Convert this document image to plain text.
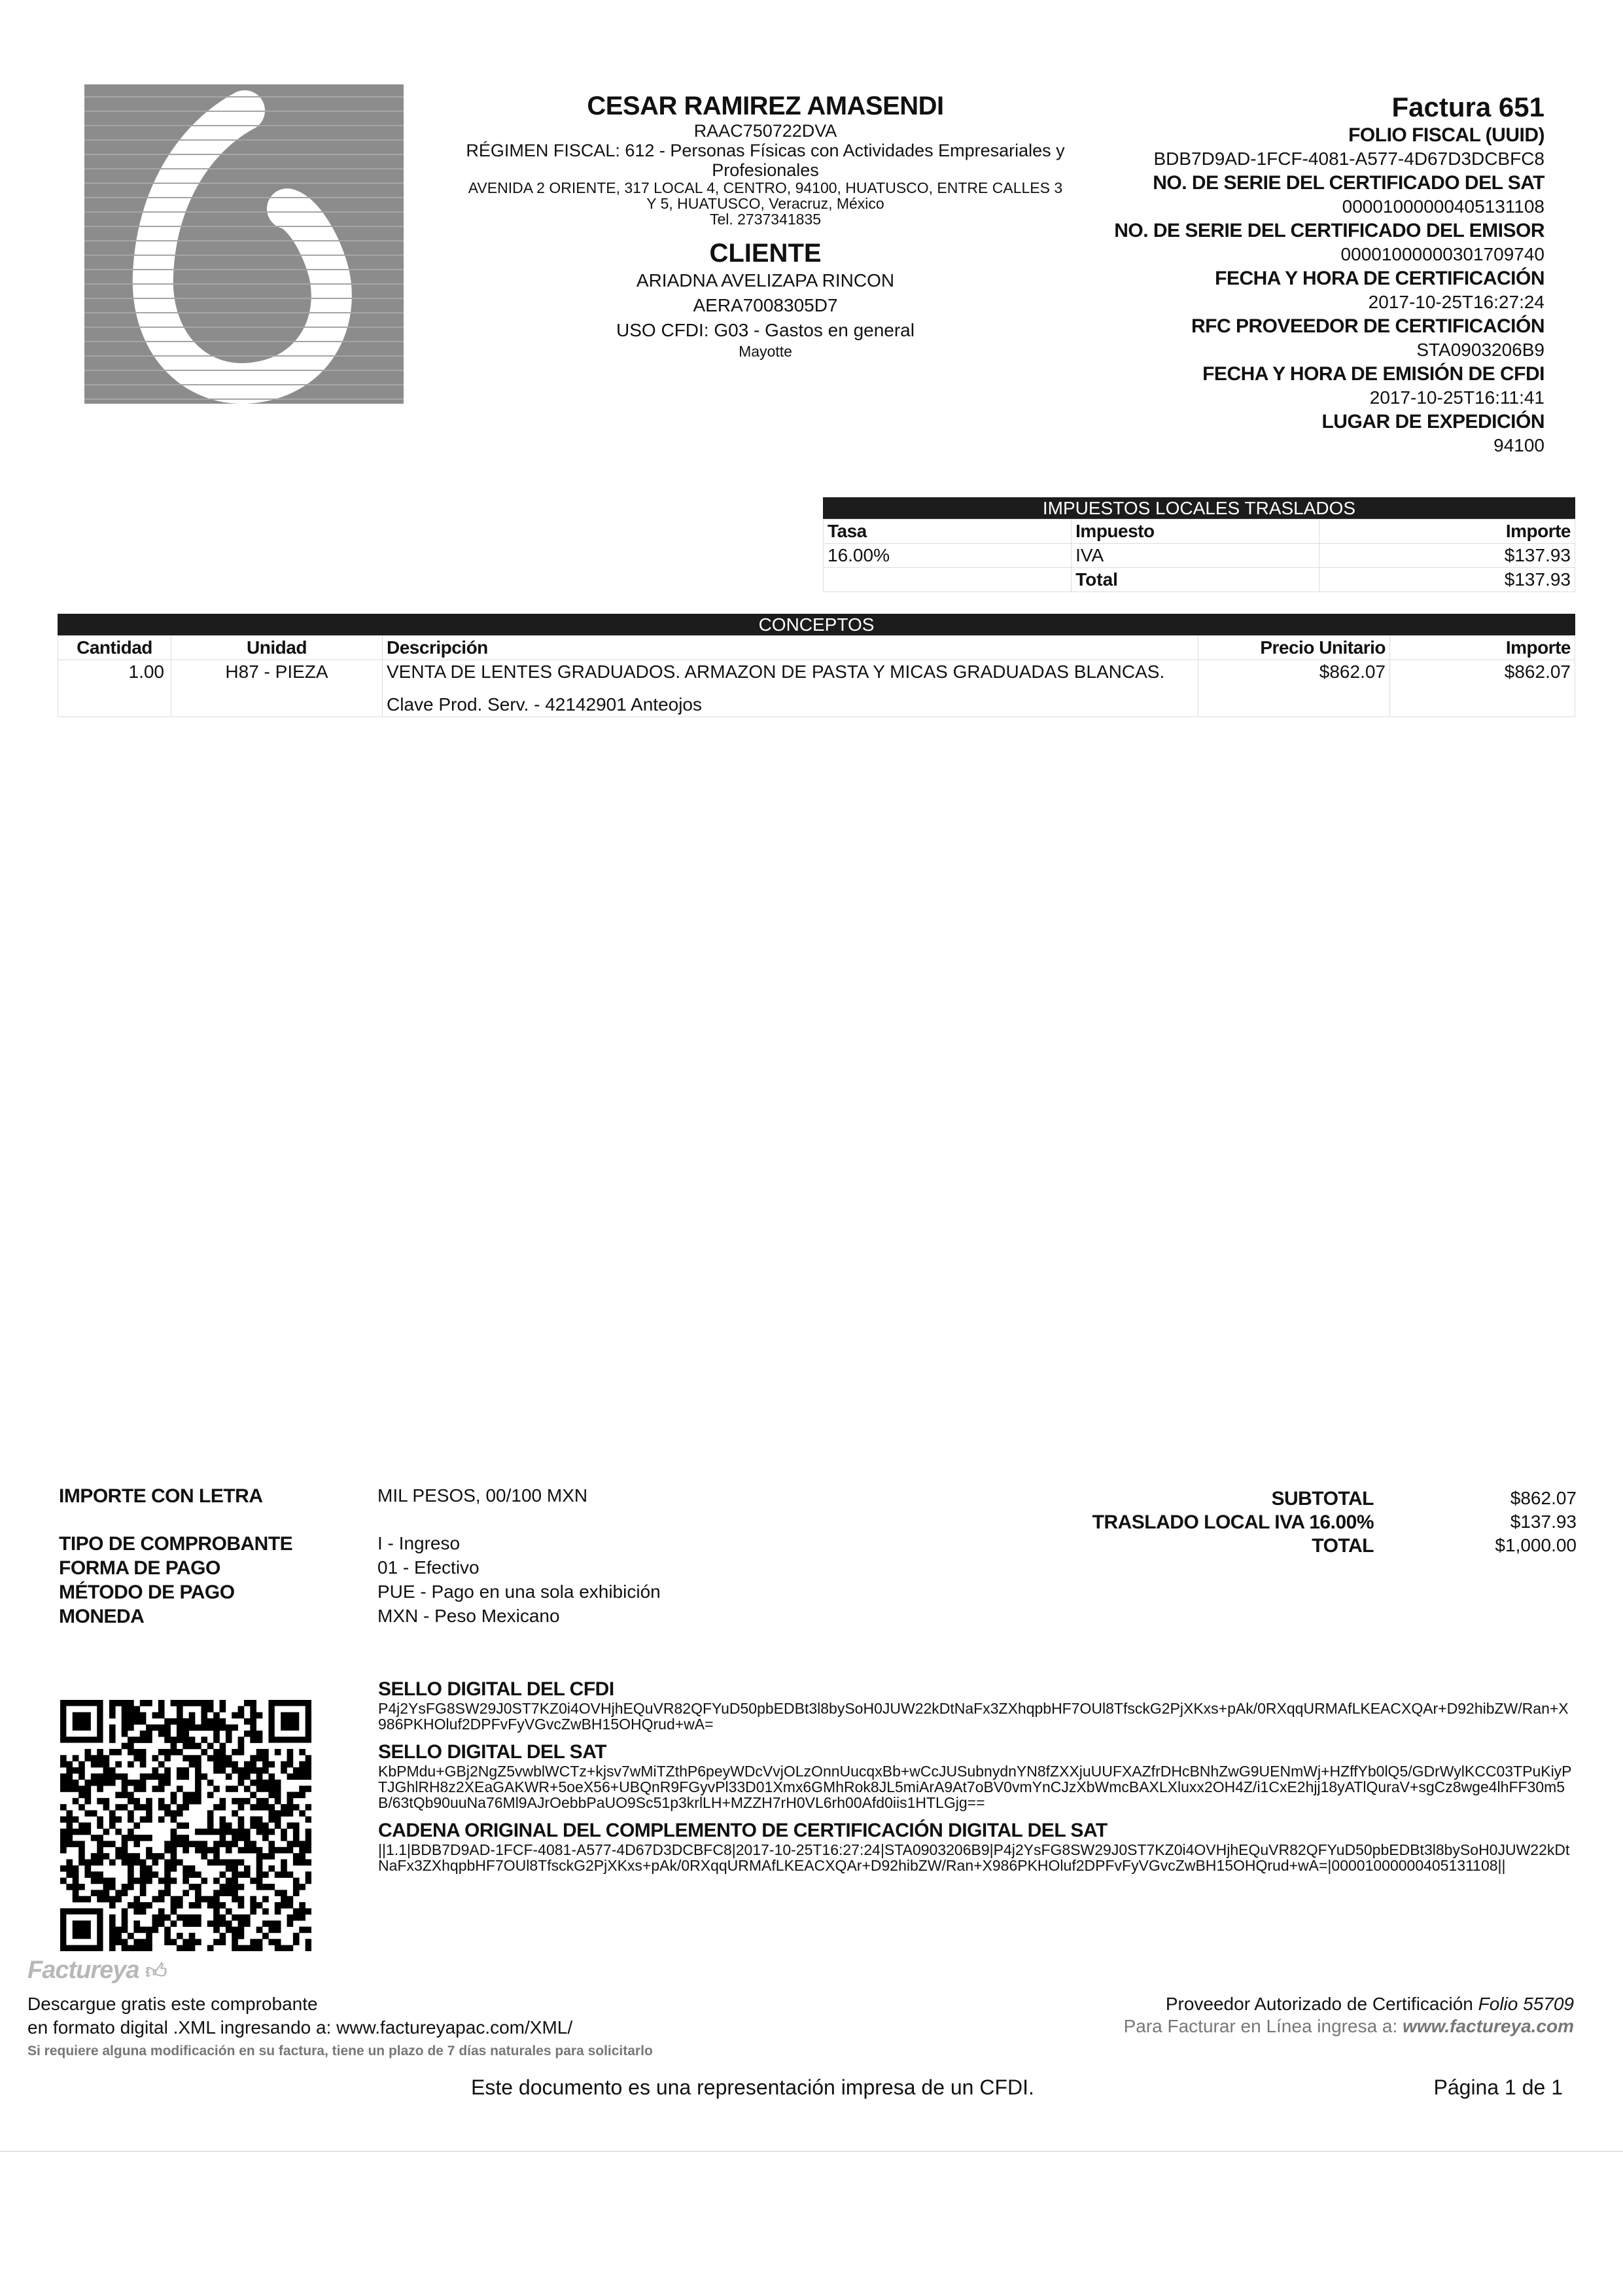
CESAR RAMIREZ AMASENDI
RAAC750722DVA
RÉGIMEN FISCAL: 612 - Personas Físicas con Actividades Empresariales y
Profesionales
AVENIDA 2 ORIENTE, 317 LOCAL 4, CENTRO, 94100, HUATUSCO, ENTRE CALLES 3
Y 5, HUATUSCO, Veracruz, México
Tel. 2737341835
CLIENTE
ARIADNA AVELIZAPA RINCON
AERA7008305D7
USO CFDI: G03 - Gastos en general
Mayotte
Factura 651
FOLIO FISCAL (UUID)
BDB7D9AD-1FCF-4081-A577-4D67D3DCBFC8
NO. DE SERIE DEL CERTIFICADO DEL SAT
00001000000405131108
NO. DE SERIE DEL CERTIFICADO DEL EMISOR
00001000000301709740
FECHA Y HORA DE CERTIFICACIÓN
2017-10-25T16:27:24
RFC PROVEEDOR DE CERTIFICACIÓN
STA0903206B9
FECHA Y HORA DE EMISIÓN DE CFDI
2017-10-25T16:11:41
LUGAR DE EXPEDICIÓN
94100
IMPUESTOS LOCALES TRASLADOS
Tasa	Impuesto	Importe
16.00%	IVA	$137.93
	Total	$137.93
CONCEPTOS
Cantidad	Unidad	Descripción	Precio Unitario	Importe
1.00	H87 - PIEZA	VENTA DE LENTES GRADUADOS. ARMAZON DE PASTA Y MICAS GRADUADAS BLANCAS.
Clave Prod. Serv. - 42142901 Anteojos	$862.07	$862.07
IMPORTE CON LETRA	MIL PESOS, 00/100 MXN
TIPO DE COMPROBANTE	I - Ingreso
FORMA DE PAGO	01 - Efectivo
MÉTODO DE PAGO	PUE - Pago en una sola exhibición
MONEDA	MXN - Peso Mexicano
SUBTOTAL	$862.07
TRASLADO LOCAL IVA 16.00%	$137.93
TOTAL	$1,000.00
SELLO DIGITAL DEL CFDI
P4j2YsFG8SW29J0ST7KZ0i4OVHjhEQuVR82QFYuD50pbEDBt3l8bySoH0JUW22kDtNaFx3ZXhqpbHF7OUl8TfsckG2PjXKxs+pAk/0RXqqURMAfLKEACXQAr+D92hibZW/Ran+X986PKHOluf2DPFvFyVGvcZwBH15OHQrud+wA=
SELLO DIGITAL DEL SAT
KbPMdu+GBj2NgZ5vwblWCTz+kjsv7wMiTZthP6peyWDcVvjOLzOnnUucqxBb+wCcJUSubnydnYN8fZXXjuUUFXAZfrDHcBNhZwG9UENmWj+HZffYb0lQ5/GDrWylKCC03TPuKiyPTJGhlRH8z2XEaGAKWR+5oeX56+UBQnR9FGyvPl33D01Xmx6GMhRok8JL5miArA9At7oBV0vmYnCJzXbWmcBAXLXluxx2OH4Z/i1CxE2hjj18yATlQuraV+sgCz8wge4lhFF30m5B/63tQb90uuNa76Ml9AJrOebbPaUO9Sc51p3krlLH+MZZH7rH0VL6rh00Afd0iis1HTLGjg==
CADENA ORIGINAL DEL COMPLEMENTO DE CERTIFICACIÓN DIGITAL DEL SAT
||1.1|BDB7D9AD-1FCF-4081-A577-4D67D3DCBFC8|2017-10-25T16:27:24|STA0903206B9|P4j2YsFG8SW29J0ST7KZ0i4OVHjhEQuVR82QFYuD50pbEDBt3l8bySoH0JUW22kDtNaFx3ZXhqpbHF7OUl8TfsckG2PjXKxs+pAk/0RXqqURMAfLKEACXQAr+D92hibZW/Ran+X986PKHOluf2DPFvFyVGvcZwBH15OHQrud+wA=|00001000000405131108||
Factureya 👍︎
Descargue gratis este comprobante
en formato digital .XML ingresando a: www.factureyapac.com/XML/
Si requiere alguna modificación en su factura, tiene un plazo de 7 días naturales para solicitarlo
Proveedor Autorizado de Certificación Folio 55709
Para Facturar en Línea ingresa a: www.factureya.com
Este documento es una representación impresa de un CFDI.	Página 1 de 1
